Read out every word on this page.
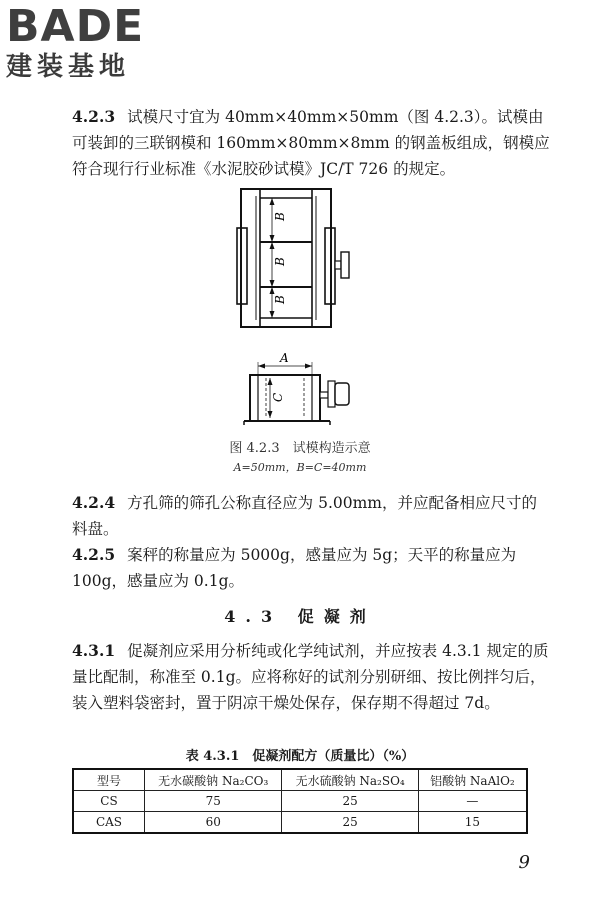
BADE
建装基地
4.2.3 试模尺寸宜为 40mm×40mm×50mm（图 4.2.3）。试模由可装卸的三联钢模和 160mm×80mm×8mm 的钢盖板组成，钢模应符合现行行业标准《水泥胶砂试模》JC/T 726 的规定。
B
B
B
A
C
图 4.2.3　试模构造示意
A=50mm，B=C=40mm
4.2.4 方孔筛的筛孔公称直径应为 5.00mm，并应配备相应尺寸的料盘。
4.2.5 案秤的称量应为 5000g，感量应为 5g；天平的称量应为 100g，感量应为 0.1g。
4.3 促凝剂
4.3.1 促凝剂应采用分析纯或化学纯试剂，并应按表 4.3.1 规定的质量比配制，称准至 0.1g。应将称好的试剂分别研细、按比例拌匀后，装入塑料袋密封，置于阴凉干燥处保存，保存期不得超过 7d。
表 4.3.1　促凝剂配方（质量比）（%）
型号	无水碳酸钠 Na₂CO₃	无水硫酸钠 Na₂SO₄	铝酸钠 NaAlO₂
CS	75	25	—
CAS	60	25	15
9
